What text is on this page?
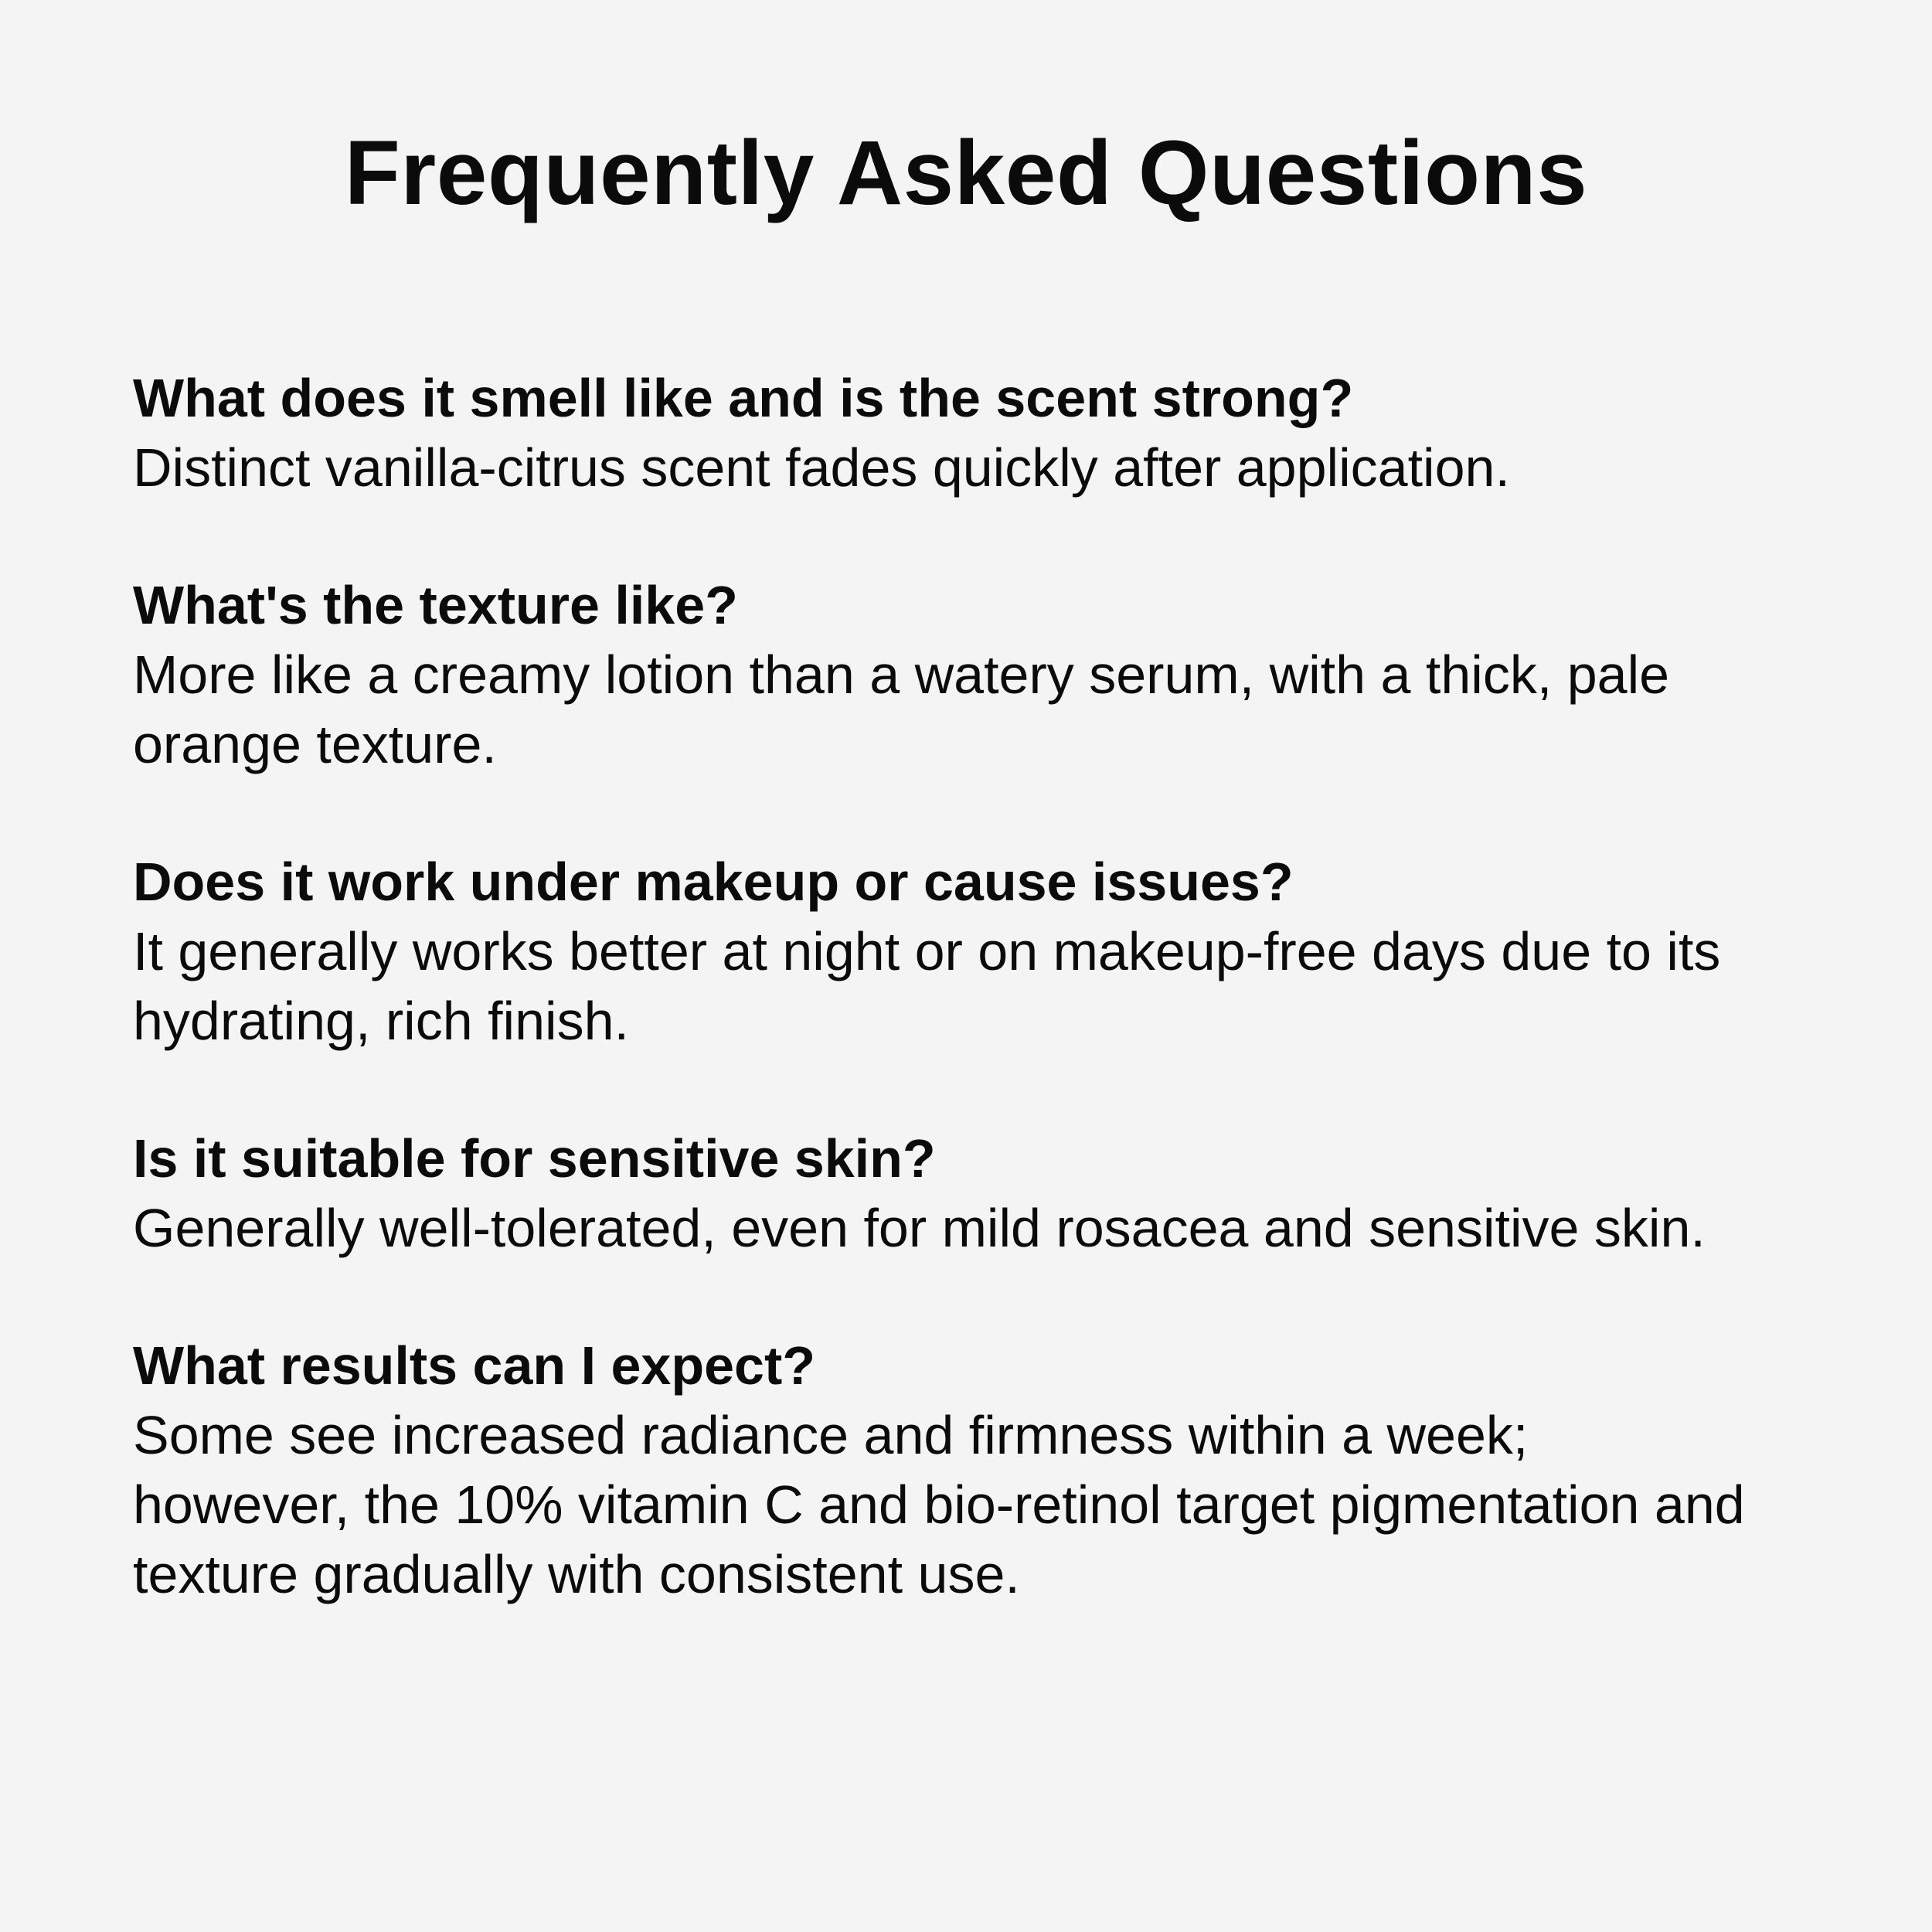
Frequently Asked Questions

What does it smell like and is the scent strong?

Distinct vanilla-citrus scent fades quickly after application.

What's the texture like?

More like a creamy lotion than a watery serum, with a thick, pale orange texture.

Does it work under makeup or cause issues?

It generally works better at night or on makeup-free days due to its hydrating, rich finish.

Is it suitable for sensitive skin?

Generally well-tolerated, even for mild rosacea and sensitive skin.

What results can I expect?

Some see increased radiance and firmness within a week; however, the 10% vitamin C and bio-retinol target pigmentation and texture gradually with consistent use.
